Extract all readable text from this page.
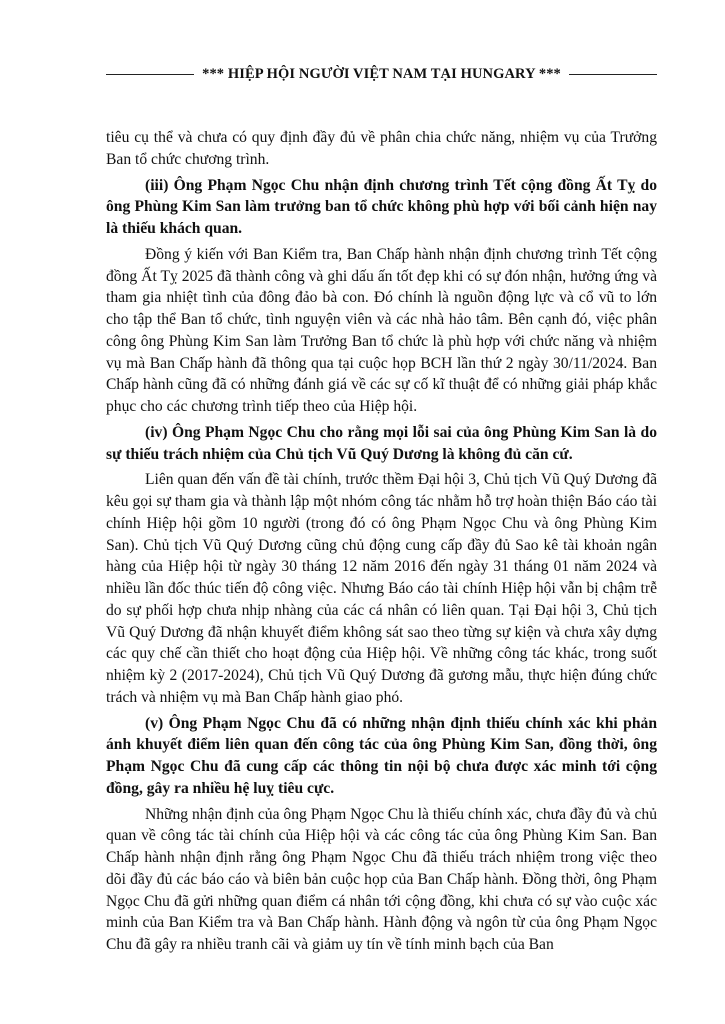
*** HIỆP HỘI NGƯỜI VIỆT NAM TẠI HUNGARY ***

tiêu cụ thể và chưa có quy định đầy đủ về phân chia chức năng, nhiệm vụ của Trưởng Ban tổ chức chương trình.

(iii) Ông Phạm Ngọc Chu nhận định chương trình Tết cộng đồng Ất Tỵ do ông Phùng Kim San làm trưởng ban tổ chức không phù hợp với bối cảnh hiện nay là thiếu khách quan.

Đồng ý kiến với Ban Kiểm tra, Ban Chấp hành nhận định chương trình Tết cộng đồng Ất Tỵ 2025 đã thành công và ghi dấu ấn tốt đẹp khi có sự đón nhận, hưởng ứng và tham gia nhiệt tình của đông đảo bà con. Đó chính là nguồn động lực và cổ vũ to lớn cho tập thể Ban tổ chức, tình nguyện viên và các nhà hảo tâm. Bên cạnh đó, việc phân công ông Phùng Kim San làm Trưởng Ban tổ chức là phù hợp với chức năng và nhiệm vụ mà Ban Chấp hành đã thông qua tại cuộc họp BCH lần thứ 2 ngày 30/11/2024. Ban Chấp hành cũng đã có những đánh giá về các sự cố kĩ thuật để có những giải pháp khắc phục cho các chương trình tiếp theo của Hiệp hội.

(iv) Ông Phạm Ngọc Chu cho rằng mọi lỗi sai của ông Phùng Kim San là do sự thiếu trách nhiệm của Chủ tịch Vũ Quý Dương là không đủ căn cứ.

Liên quan đến vấn đề tài chính, trước thềm Đại hội 3, Chủ tịch Vũ Quý Dương đã kêu gọi sự tham gia và thành lập một nhóm công tác nhằm hỗ trợ hoàn thiện Báo cáo tài chính Hiệp hội gồm 10 người (trong đó có ông Phạm Ngọc Chu và ông Phùng Kim San). Chủ tịch Vũ Quý Dương cũng chủ động cung cấp đầy đủ Sao kê tài khoản ngân hàng của Hiệp hội từ ngày 30 tháng 12 năm 2016 đến ngày 31 tháng 01 năm 2024 và nhiều lần đốc thúc tiến độ công việc. Nhưng Báo cáo tài chính Hiệp hội vẫn bị chậm trễ do sự phối hợp chưa nhịp nhàng của các cá nhân có liên quan. Tại Đại hội 3, Chủ tịch Vũ Quý Dương đã nhận khuyết điểm không sát sao theo từng sự kiện và chưa xây dựng các quy chế cần thiết cho hoạt động của Hiệp hội. Về những công tác khác, trong suốt nhiệm kỳ 2 (2017-2024), Chủ tịch Vũ Quý Dương đã gương mẫu, thực hiện đúng chức trách và nhiệm vụ mà Ban Chấp hành giao phó.

(v) Ông Phạm Ngọc Chu đã có những nhận định thiếu chính xác khi phản ánh khuyết điểm liên quan đến công tác của ông Phùng Kim San, đồng thời, ông Phạm Ngọc Chu đã cung cấp các thông tin nội bộ chưa được xác minh tới cộng đồng, gây ra nhiều hệ luỵ tiêu cực.

Những nhận định của ông Phạm Ngọc Chu là thiếu chính xác, chưa đầy đủ và chủ quan về công tác tài chính của Hiệp hội và các công tác của ông Phùng Kim San. Ban Chấp hành nhận định rằng ông Phạm Ngọc Chu đã thiếu trách nhiệm trong việc theo dõi đầy đủ các báo cáo và biên bản cuộc họp của Ban Chấp hành. Đồng thời, ông Phạm Ngọc Chu đã gửi những quan điểm cá nhân tới cộng đồng, khi chưa có sự vào cuộc xác minh của Ban Kiểm tra và Ban Chấp hành. Hành động và ngôn từ của ông Phạm Ngọc Chu đã gây ra nhiều tranh cãi và giảm uy tín về tính minh bạch của Ban
